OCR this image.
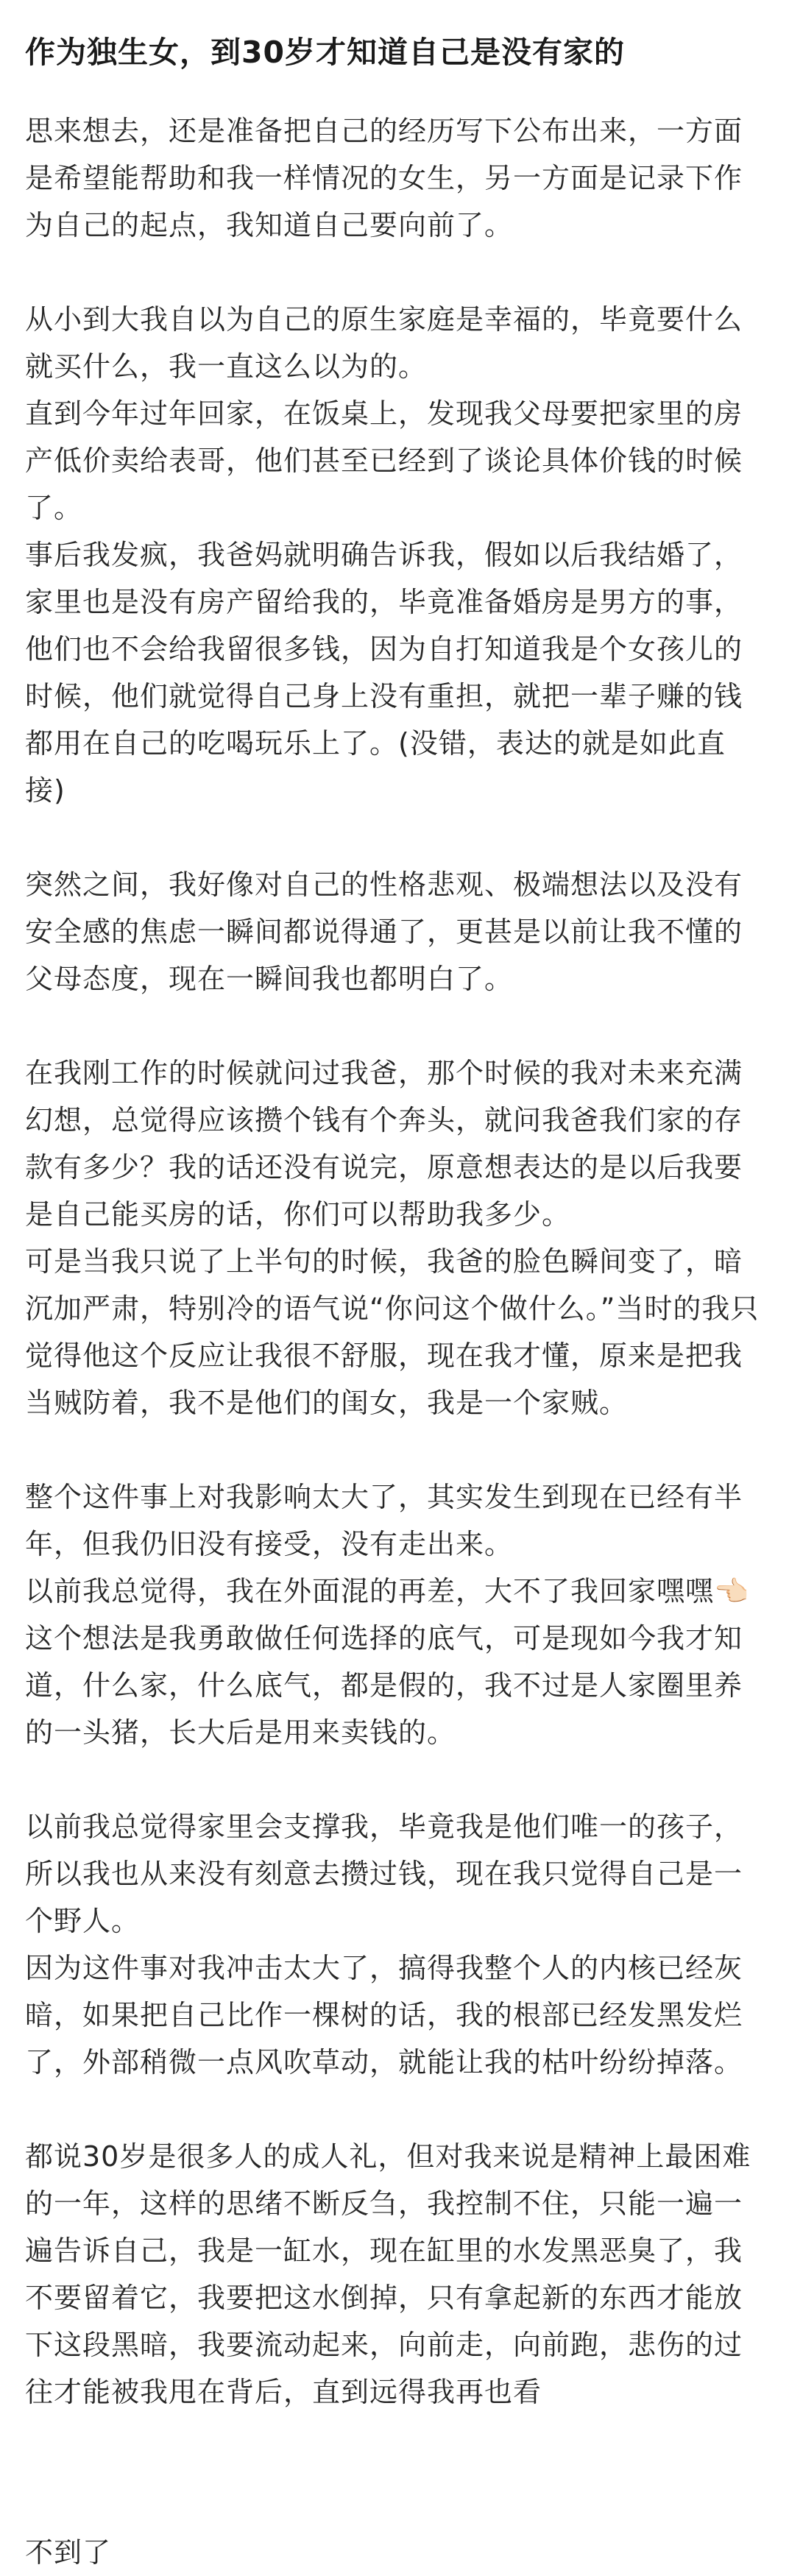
作为独生女，到30岁才知道自己是没有家的

思来想去，还是准备把自己的经历写下公布出来，一方面是希望能帮助和我一样情况的女生，另一方面是记录下作为自己的起点，我知道自己要向前了。

从小到大我自以为自己的原生家庭是幸福的，毕竟要什么就买什么，我一直这么以为的。

直到今年过年回家，在饭桌上，发现我父母要把家里的房产低价卖给表哥，他们甚至已经到了谈论具体价钱的时候了。

事后我发疯，我爸妈就明确告诉我，假如以后我结婚了，家里也是没有房产留给我的，毕竟准备婚房是男方的事，他们也不会给我留很多钱，因为自打知道我是个女孩儿的时候，他们就觉得自己身上没有重担，就把一辈子赚的钱都用在自己的吃喝玩乐上了。(没错，表达的就是如此直接)

突然之间，我好像对自己的性格悲观、极端想法以及没有安全感的焦虑一瞬间都说得通了，更甚是以前让我不懂的父母态度，现在一瞬间我也都明白了。

在我刚工作的时候就问过我爸，那个时候的我对未来充满幻想，总觉得应该攒个钱有个奔头，就问我爸我们家的存款有多少？我的话还没有说完，原意想表达的是以后我要是自己能买房的话，你们可以帮助我多少。

可是当我只说了上半句的时候，我爸的脸色瞬间变了，暗沉加严肃，特别冷的语气说“你问这个做什么。”当时的我只觉得他这个反应让我很不舒服，现在我才懂，原来是把我当贼防着，我不是他们的闺女，我是一个家贼。

整个这件事上对我影响太大了，其实发生到现在已经有半年，但我仍旧没有接受，没有走出来。

以前我总觉得，我在外面混的再差，大不了我回家嘿嘿👈🏻这个想法是我勇敢做任何选择的底气，可是现如今我才知道，什么家，什么底气，都是假的，我不过是人家圈里养的一头猪，长大后是用来卖钱的。

以前我总觉得家里会支撑我，毕竟我是他们唯一的孩子，所以我也从来没有刻意去攒过钱，现在我只觉得自己是一个野人。

因为这件事对我冲击太大了，搞得我整个人的内核已经灰暗，如果把自己比作一棵树的话，我的根部已经发黑发烂了，外部稍微一点风吹草动，就能让我的枯叶纷纷掉落。

都说30岁是很多人的成人礼，但对我来说是精神上最困难的一年，这样的思绪不断反刍，我控制不住，只能一遍一遍告诉自己，我是一缸水，现在缸里的水发黑恶臭了，我不要留着它，我要把这水倒掉，只有拿起新的东西才能放下这段黑暗，我要流动起来，向前走，向前跑，悲伤的过往才能被我甩在背后，直到远得我再也看

不到了
